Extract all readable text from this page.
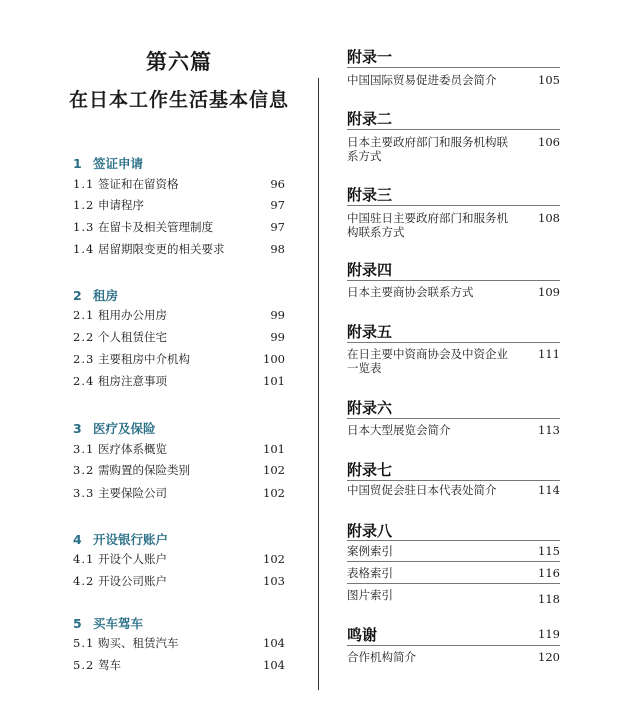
第六篇
在日本工作生活基本信息
1 签证申请
1.1 签证和在留资格	96
1.2 申请程序	97
1.3 在留卡及相关管理制度	97
1.4 居留期限变更的相关要求	98
2 租房
2.1 租用办公用房	99
2.2 个人租赁住宅	99
2.3 主要租房中介机构	100
2.4 租房注意事项	101
3 医疗及保险
3.1 医疗体系概览	101
3.2 需购置的保险类别	102
3.3 主要保险公司	102
4 开设银行账户
4.1 开设个人账户	102
4.2 开设公司账户	103
5 买车驾车
5.1 购买、租赁汽车	104
5.2 驾车	104
附录一
中国国际贸易促进委员会简介	105
附录二
日本主要政府部门和服务机构联系方式
106
附录三
中国驻日主要政府部门和服务机构联系方式
108
附录四
日本主要商协会联系方式	109
附录五
在日主要中资商协会及中资企业一览表
111
附录六
日本大型展览会简介	113
附录七
中国贸促会驻日本代表处简介	114
附录八
案例索引	115
表格索引	116
图片索引	118
鸣谢	119
合作机构简介	120
